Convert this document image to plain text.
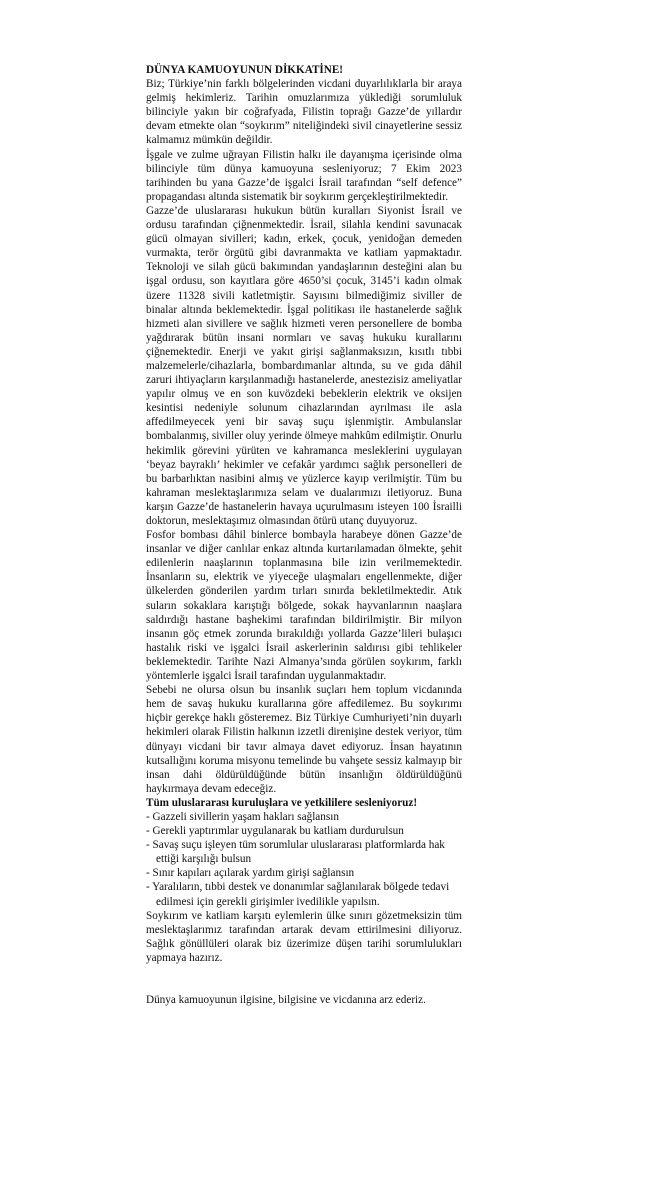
DÜNYA KAMUOYUNUN DİKKATİNE!

Biz; Türkiye’nin farklı bölgelerinden vicdani duyarlılıklarla bir araya gelmiş hekimleriz. Tarihin omuzlarımıza yüklediği sorumluluk bilinciyle yakın bir coğrafyada, Filistin toprağı Gazze’de yıllardır devam etmekte olan “soykırım” niteliğindeki sivil cinayetlerine sessiz kalmamız mümkün değildir.

İşgale ve zulme uğrayan Filistin halkı ile dayanışma içerisinde olma bilinciyle tüm dünya kamuoyuna sesleniyoruz; 7 Ekim 2023 tarihinden bu yana Gazze’de işgalci İsrail tarafından “self defence” propagandası altında sistematik bir soykırım gerçekleştirilmektedir.

Gazze’de uluslararası hukukun bütün kuralları Siyonist İsrail ve ordusu tarafından çiğnenmektedir. İsrail, silahla kendini savunacak gücü olmayan sivilleri; kadın, erkek, çocuk, yenidoğan demeden vurmakta, terör örgütü gibi davranmakta ve katliam yapmaktadır. Teknoloji ve silah gücü bakımından yandaşlarının desteğini alan bu işgal ordusu, son kayıtlara göre 4650’si çocuk, 3145’i kadın olmak üzere 11328 sivili katletmiştir. Sayısını bilmediğimiz siviller de binalar altında beklemektedir. İşgal politikası ile hastanelerde sağlık hizmeti alan sivillere ve sağlık hizmeti veren personellere de bomba yağdırarak bütün insani normları ve savaş hukuku kurallarını çiğnemektedir. Enerji ve yakıt girişi sağlanmaksızın, kısıtlı tıbbi malzemelerle/cihazlarla, bombardımanlar altında, su ve gıda dâhil zaruri ihtiyaçların karşılanmadığı hastanelerde, anestezisiz ameliyatlar yapılır olmuş ve en son kuvözdeki bebeklerin elektrik ve oksijen kesintisi nedeniyle solunum cihazlarından ayrılması ile asla affedilmeyecek yeni bir savaş suçu işlenmiştir. Ambulanslar bombalanmış, siviller oluy yerinde ölmeye mahkûm edilmiştir. Onurlu hekimlik görevini yürüten ve kahramanca mesleklerini uygulayan ‘beyaz bayraklı’ hekimler ve cefakâr yardımcı sağlık personelleri de bu barbarlıktan nasibini almış ve yüzlerce kayıp verilmiştir. Tüm bu kahraman meslektaşlarımıza selam ve dualarımızı iletiyoruz. Buna karşın Gazze’de hastanelerin havaya uçurulmasını isteyen 100 İsrailli doktorun, meslektaşımız olmasından ötürü utanç duyuyoruz.

Fosfor bombası dâhil binlerce bombayla harabeye dönen Gazze’de insanlar ve diğer canlılar enkaz altında kurtarılamadan ölmekte, şehit edilenlerin naaşlarının toplanmasına bile izin verilmemektedir. İnsanların su, elektrik ve yiyeceğe ulaşmaları engellenmekte, diğer ülkelerden gönderilen yardım tırları sınırda bekletilmektedir. Atık suların sokaklara karıştığı bölgede, sokak hayvanlarının naaşlara saldırdığı hastane başhekimi tarafından bildirilmiştir. Bir milyon insanın göç etmek zorunda bırakıldığı yollarda Gazze’lileri bulaşıcı hastalık riski ve işgalci İsrail askerlerinin saldırısı gibi tehlikeler beklemektedir. Tarihte Nazi Almanya’sında görülen soykırım, farklı yöntemlerle işgalci İsrail tarafından uygulanmaktadır.

Sebebi ne olursa olsun bu insanlık suçları hem toplum vicdanında hem de savaş hukuku kurallarına göre affedilemez. Bu soykırımı hiçbir gerekçe haklı gösteremez. Biz Türkiye Cumhuriyeti’nin duyarlı hekimleri olarak Filistin halkının izzetli direnişine destek veriyor, tüm dünyayı vicdani bir tavır almaya davet ediyoruz. İnsan hayatının kutsallığını koruma misyonu temelinde bu vahşete sessiz kalmayıp bir insan dahi öldürüldüğünde bütün insanlığın öldürüldüğünü haykırmaya devam edeceğiz.

Tüm uluslararası kuruluşlara ve yetkililere sesleniyoruz!

- Gazzeli sivillerin yaşam hakları sağlansın
- Gerekli yaptırımlar uygulanarak bu katliam durdurulsun
- Savaş suçu işleyen tüm sorumlular uluslararası platformlarda hak ettiği karşılığı bulsun
- Sınır kapıları açılarak yardım girişi sağlansın
- Yaralıların, tıbbi destek ve donanımlar sağlanılarak bölgede tedavi edilmesi için gerekli girişimler ivedilikle yapılsın.

Soykırım ve katliam karşıtı eylemlerin ülke sınırı gözetmeksizin tüm meslektaşlarımız tarafından artarak devam ettirilmesini diliyoruz. Sağlık gönüllüleri olarak biz üzerimize düşen tarihi sorumlulukları yapmaya hazırız.

Dünya kamuoyunun ilgisine, bilgisine ve vicdanına arz ederiz.
